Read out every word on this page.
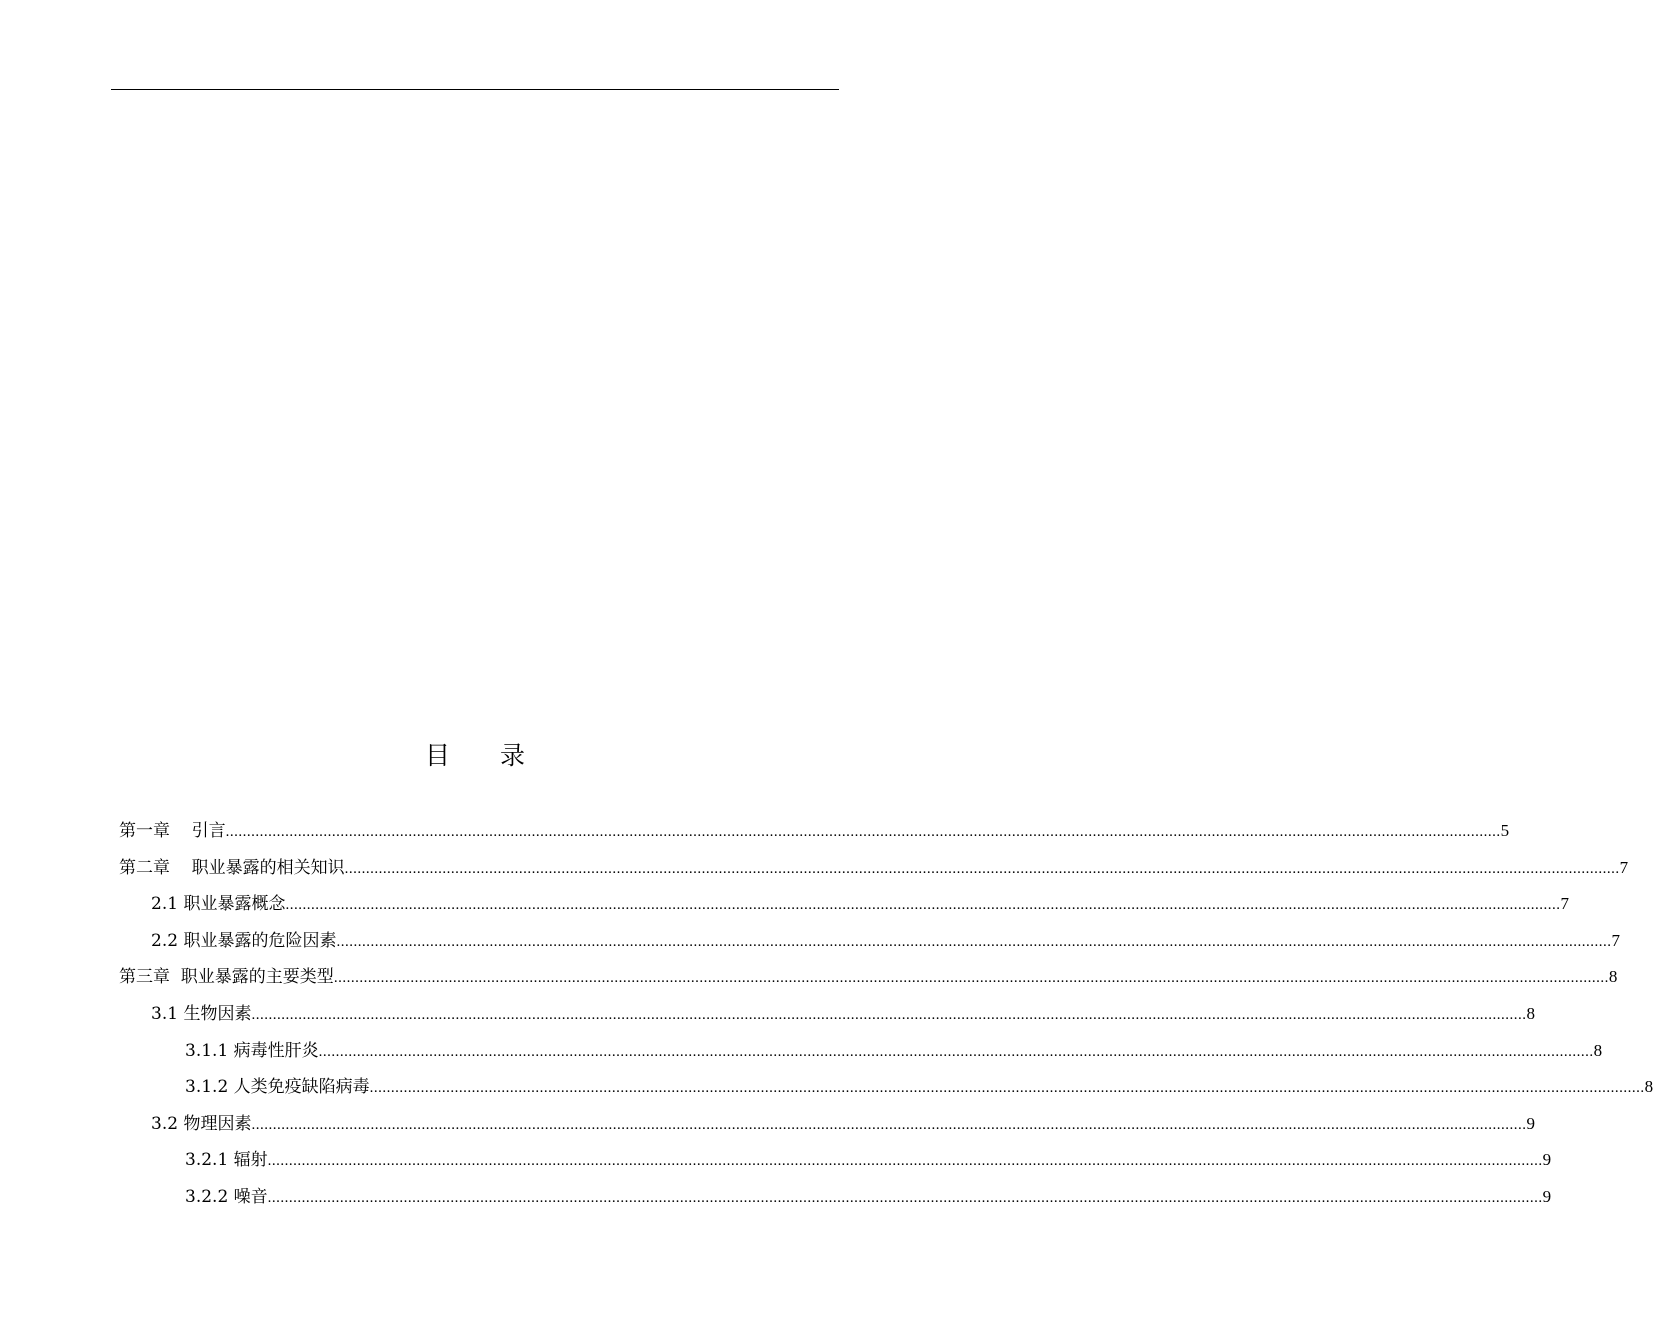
目录
第一章    引言 ............................................................................................................................................................................................................................................................................................................ 5
第二章    职业暴露的相关知识 ............................................................................................................................................................................................................................................................................................................ 7
2.1 职业暴露概念 ............................................................................................................................................................................................................................................................................................................ 7
2.2 职业暴露的危险因素 ............................................................................................................................................................................................................................................................................................................ 7
第三章  职业暴露的主要类型 ............................................................................................................................................................................................................................................................................................................ 8
3.1 生物因素 ............................................................................................................................................................................................................................................................................................................ 8
3.1.1 病毒性肝炎 ............................................................................................................................................................................................................................................................................................................ 8
3.1.2 人类免疫缺陷病毒 ............................................................................................................................................................................................................................................................................................................ 8
3.2 物理因素 ............................................................................................................................................................................................................................................................................................................ 9
3.2.1 辐射 ............................................................................................................................................................................................................................................................................................................ 9
3.2.2 噪音 ............................................................................................................................................................................................................................................................................................................ 9
